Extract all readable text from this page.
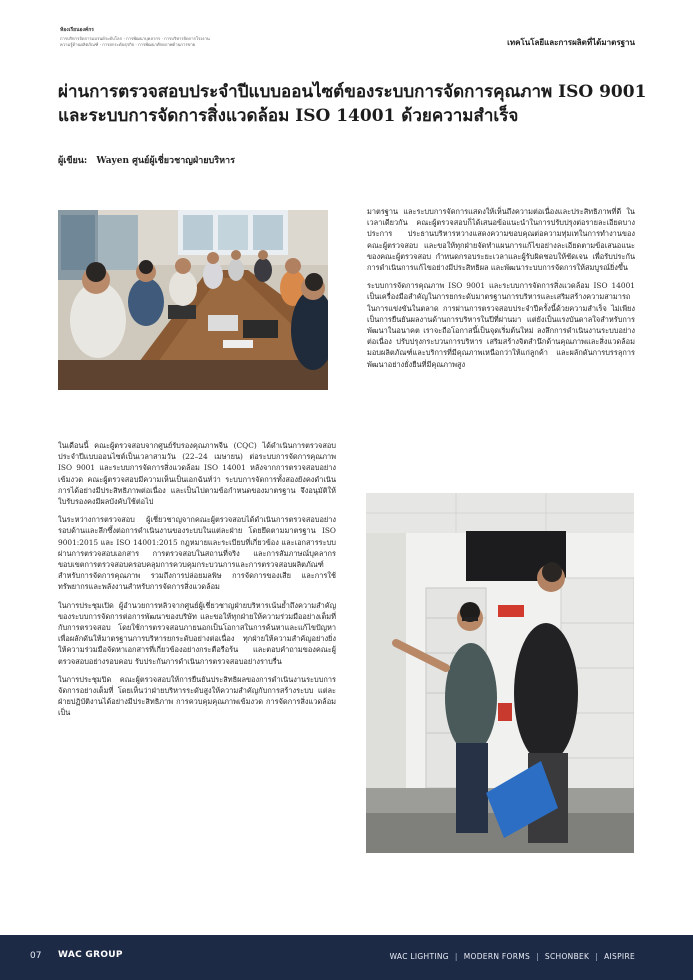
ห้องเรียนองค์กร
การบริหารจัดการแบรนด์ระดับโลก · การพัฒนาบุคลากร · การบริหารจัดการโรงงาน
ความรู้ด้านผลิตภัณฑ์ · การยกระดับธุรกิจ · การพัฒนาศักยภาพด้านการขาย	เทคโนโลยีและการผลิตที่ได้มาตรฐาน
ผ่านการตรวจสอบประจำปีแบบออนไซต์ของระบบการจัดการคุณภาพ ISO 9001 และระบบการจัดการสิ่งแวดล้อม ISO 14001 ด้วยความสำเร็จ
ผู้เขียน: Wayen ศูนย์ผู้เชี่ยวชาญฝ่ายบริหาร

ในเดือนนี้ คณะผู้ตรวจสอบจากศูนย์รับรองคุณภาพจีน (CQC) ได้ดำเนินการตรวจสอบประจำปีแบบออนไซต์เป็นเวลาสามวัน (22–24 เมษายน) ต่อระบบการจัดการคุณภาพ ISO 9001 และระบบการจัดการสิ่งแวดล้อม ISO 14001 หลังจากการตรวจสอบอย่างเข้มงวด คณะผู้ตรวจสอบมีความเห็นเป็นเอกฉันท์ว่า ระบบการจัดการทั้งสองยังคงดำเนินการได้อย่างมีประสิทธิภาพต่อเนื่อง และเป็นไปตามข้อกำหนดของมาตรฐาน จึงอนุมัติให้ใบรับรองคงมีผลบังคับใช้ต่อไป

ในระหว่างการตรวจสอบ ผู้เชี่ยวชาญจากคณะผู้ตรวจสอบได้ดำเนินการตรวจสอบอย่างรอบด้านและลึกซึ้งต่อการดำเนินงานของระบบในแต่ละฝ่าย โดยยึดตามมาตรฐาน ISO 9001:2015 และ ISO 14001:2015 กฎหมายและระเบียบที่เกี่ยวข้อง และเอกสารระบบ ผ่านการตรวจสอบเอกสาร การตรวจสอบในสถานที่จริง และการสัมภาษณ์บุคลากร ขอบเขตการตรวจสอบครอบคลุมการควบคุมกระบวนการและการตรวจสอบผลิตภัณฑ์สำหรับการจัดการคุณภาพ รวมถึงการปล่อยมลพิษ การจัดการของเสีย และการใช้ทรัพยากรและพลังงานสำหรับการจัดการสิ่งแวดล้อม

ในการประชุมเปิด ผู้อำนวยการหลิวจากศูนย์ผู้เชี่ยวชาญฝ่ายบริหารเน้นย้ำถึงความสำคัญของระบบการจัดการต่อการพัฒนาของบริษัท และขอให้ทุกฝ่ายให้ความร่วมมืออย่างเต็มที่กับการตรวจสอบ โดยใช้การตรวจสอบภายนอกเป็นโอกาสในการค้นหาและแก้ไขปัญหา เพื่อผลักดันให้มาตรฐานการบริหารยกระดับอย่างต่อเนื่อง ทุกฝ่ายให้ความสำคัญอย่างยิ่ง ให้ความร่วมมือจัดหาเอกสารที่เกี่ยวข้องอย่างกระตือรือร้น และตอบคำถามของคณะผู้ตรวจสอบอย่างรอบคอบ รับประกันการดำเนินการตรวจสอบอย่างราบรื่น

ในการประชุมปิด คณะผู้ตรวจสอบให้การยืนยันประสิทธิผลของการดำเนินงานระบบการจัดการอย่างเต็มที่ โดยเห็นว่าฝ่ายบริหารระดับสูงให้ความสำคัญกับการสร้างระบบ แต่ละฝ่ายปฏิบัติงานได้อย่างมีประสิทธิภาพ การควบคุมคุณภาพเข้มงวด การจัดการสิ่งแวดล้อมเป็น

มาตรฐาน และระบบการจัดการแสดงให้เห็นถึงความต่อเนื่องและประสิทธิภาพที่ดี ในเวลาเดียวกัน คณะผู้ตรวจสอบก็ได้เสนอข้อแนะนำในการปรับปรุงต่อรายละเอียดบางประการ ประธานบริหารหวางแสดงความขอบคุณต่อความทุ่มเทในการทำงานของคณะผู้ตรวจสอบ และขอให้ทุกฝ่ายจัดทำแผนการแก้ไขอย่างละเอียดตามข้อเสนอแนะของคณะผู้ตรวจสอบ กำหนดกรอบระยะเวลาและผู้รับผิดชอบให้ชัดเจน เพื่อรับประกันการดำเนินการแก้ไขอย่างมีประสิทธิผล และพัฒนาระบบการจัดการให้สมบูรณ์ยิ่งขึ้น

ระบบการจัดการคุณภาพ ISO 9001 และระบบการจัดการสิ่งแวดล้อม ISO 14001 เป็นเครื่องมือสำคัญในการยกระดับมาตรฐานการบริหารและเสริมสร้างความสามารถในการแข่งขันในตลาด การผ่านการตรวจสอบประจำปีครั้งนี้ด้วยความสำเร็จ ไม่เพียงเป็นการยืนยันผลงานด้านการบริหารในปีที่ผ่านมา แต่ยังเป็นแรงบันดาลใจสำหรับการพัฒนาในอนาคต เราจะถือโอกาสนี้เป็นจุดเริ่มต้นใหม่ ลงลึกการดำเนินงานระบบอย่างต่อเนื่อง ปรับปรุงกระบวนการบริหาร เสริมสร้างจิตสำนึกด้านคุณภาพและสิ่งแวดล้อม มอบผลิตภัณฑ์และบริการที่มีคุณภาพเหนือกว่าให้แก่ลูกค้า และผลักดันการบรรลุการพัฒนาอย่างยั่งยืนที่มีคุณภาพสูง

07 WAC GROUP	WAC LIGHTING | MODERN FORMS | SCHONBEK | AISPIRE
